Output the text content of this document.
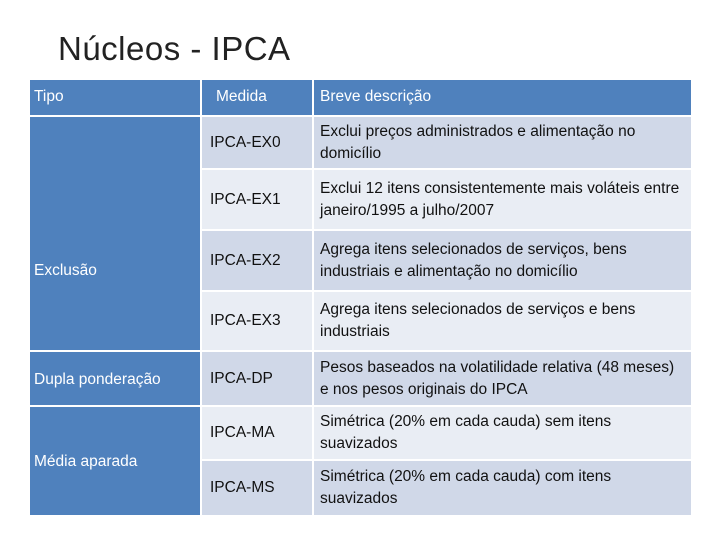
Núcleos - IPCA
Tipo
Exclusão
Dupla ponderação
Média aparada
Medida	Breve descrição
IPCA-EX0
Exclui preços administrados e alimentação no domicílio
IPCA-EX1
Exclui 12 itens consistentemente mais voláteis entre janeiro/1995 a julho/2007
IPCA-EX2
Agrega itens selecionados de serviços, bens industriais e alimentação no domicílio
IPCA-EX3
Agrega itens selecionados de serviços e bens industriais
IPCA-DP
Pesos baseados na volatilidade relativa (48 meses) e nos pesos originais do IPCA
IPCA-MA
Simétrica (20% em cada cauda) sem itens suavizados
IPCA-MS
Simétrica (20% em cada cauda) com itens suavizados
